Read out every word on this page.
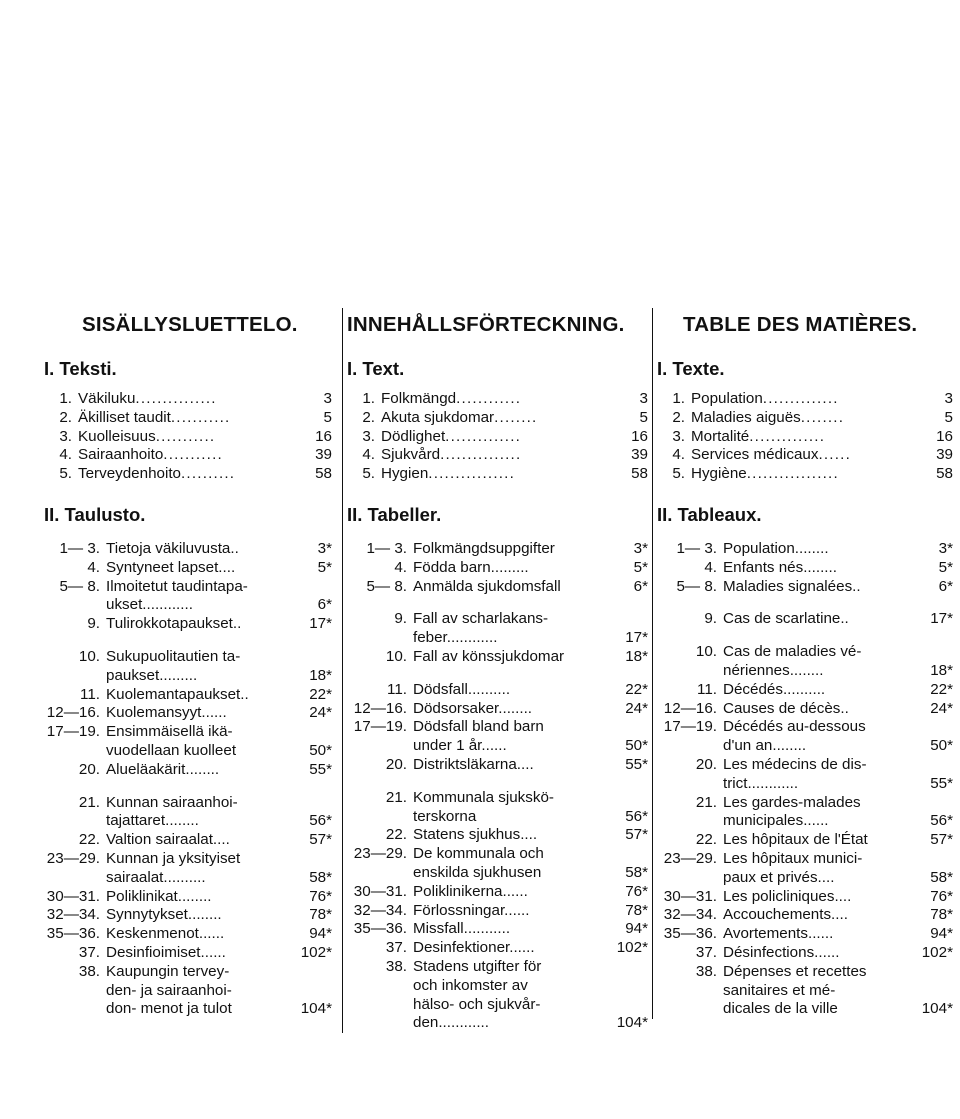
SISÄLLYSLUETTELO.
I. Teksti.
1. Väkiluku...............	3
2. Äkilliset taudit...........	5
3. Kuolleisuus...........	16
4. Sairaanhoito...........	39
5. Terveydenhoito..........	58
II. Taulusto.
1— 3. Tietoja väkiluvusta..	3*
4. Syntyneet lapset....	5*
5— 8. Ilmoitetut taudintapa-
ukset............	6*
9. Tulirokkotapaukset..	17*
10. Sukupuolitautien ta-
paukset.........	18*
11. Kuolemantapaukset..	22*
12—16. Kuolemansyyt......	24*
17—19. Ensimmäisellä ikä-
vuodellaan kuolleet	50*
20. Alueläakärit........	55*
21. Kunnan sairaanhoi-
tajattaret........	56*
22. Valtion sairaalat....	57*
23—29. Kunnan ja yksityiset
sairaalat..........	58*
30—31. Poliklinikat........	76*
32—34. Synnytykset........	78*
35—36. Keskenmenot......	94*
37. Desinfioimiset......	102*
38. Kaupungin tervey-
den- ja sairaanhoi-
don- menot ja tulot	104*
INNEHÅLLSFÖRTECKNING.
I. Text.
1. Folkmängd............	3
2. Akuta sjukdomar........	5
3. Dödlighet..............	16
4. Sjukvård...............	39
5. Hygien................	58
II. Tabeller.
1— 3. Folkmängdsuppgifter	3*
4. Födda barn.........	5*
5— 8. Anmälda sjukdomsfall	6*
9. Fall av scharlakans-
feber............	17*
10. Fall av könssjukdomar	18*
11. Dödsfall..........	22*
12—16. Dödsorsaker........	24*
17—19. Dödsfall bland barn
under 1 år......	50*
20. Distriktsläkarna....	55*
21. Kommunala sjukskö-
terskorna	56*
22. Statens sjukhus....	57*
23—29. De kommunala och
enskilda sjukhusen	58*
30—31. Poliklinikerna......	76*
32—34. Förlossningar......	78*
35—36. Missfall...........	94*
37. Desinfektioner......	102*
38. Stadens utgifter för
och inkomster av
hälso- och sjukvår-
den............	104*
TABLE DES MATIÈRES.
I. Texte.
1. Population..............	3
2. Maladies aiguës........	5
3. Mortalité..............	16
4. Services médicaux......	39
5. Hygiène.................	58
II. Tableaux.
1— 3. Population........	3*
4. Enfants nés........	5*
5— 8. Maladies signalées..	6*
9. Cas de scarlatine..	17*
10. Cas de maladies vé-
nériennes........	18*
11. Décédés..........	22*
12—16. Causes de décès..	24*
17—19. Décédés au-dessous
d'un an........	50*
20. Les médecins de dis-
trict............	55*
21. Les gardes-malades
municipales......	56*
22. Les hôpitaux de l'État	57*
23—29. Les hôpitaux munici-
paux et privés....	58*
30—31. Les policliniques....	76*
32—34. Accouchements....	78*
35—36. Avortements......	94*
37. Désinfections......	102*
38. Dépenses et recettes
sanitaires et mé-
dicales de la ville	104*
